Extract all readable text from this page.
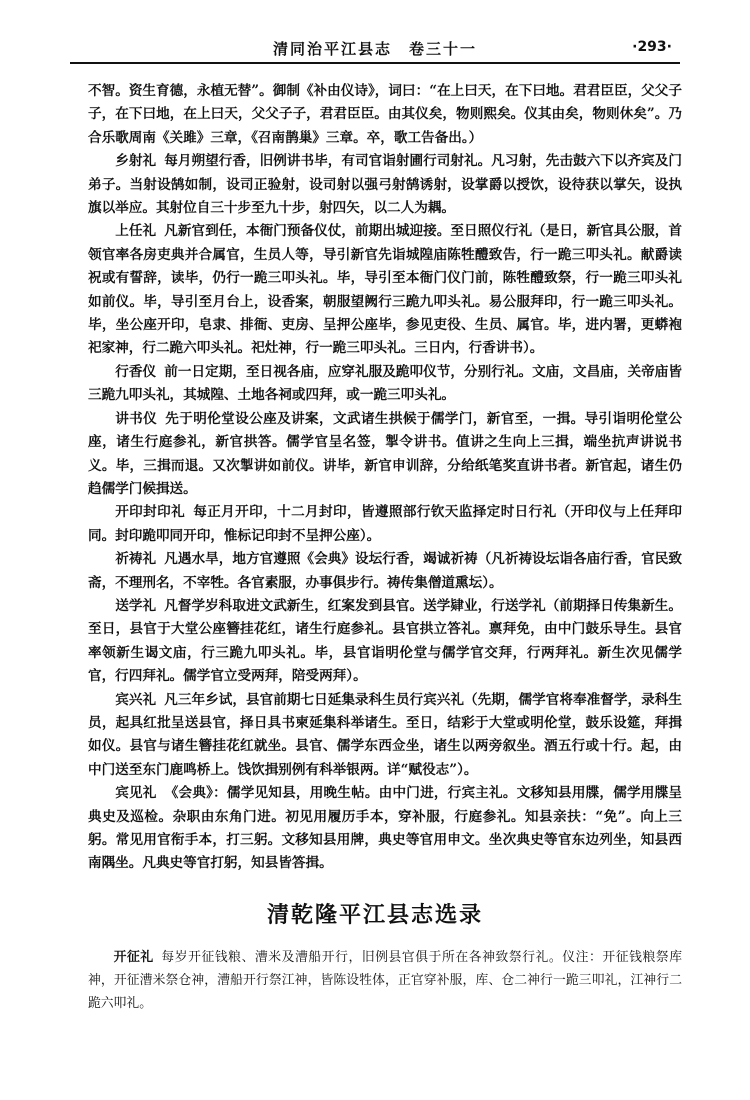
清同治平江县志　卷三十一	·293·

不智。资生育德，永植无替”。御制《补由仪诗》，词曰：“在上曰天，在下曰地。君君臣臣，父父子子，在下曰地，在上曰天，父父子子，君君臣臣。由其仪矣，物则熙矣。仪其由矣，物则休矣”。乃合乐歌周南《关雎》三章，《召南鹊巢》三章。卒，歌工告备出。）

乡射礼 每月朔望行香，旧例讲书毕，有司官诣射圃行司射礼。凡习射，先击鼓六下以齐宾及门弟子。当射设鹄如制，设司正验射，设司射以强弓射鹄诱射，设掌爵以授饮，设待获以掌矢，设执旗以举应。其射位自三十步至九十步，射四矢，以二人为耦。

上任礼 凡新官到任，本衙门预备仪仗，前期出城迎接。至日照仪行礼（是日，新官具公服，首领官率各房吏典并合属官，生员人等，导引新官先诣城隍庙陈牲醴致告，行一跪三叩头礼。献爵读祝或有誓辞，读毕，仍行一跪三叩头礼。毕，导引至本衙门仪门前，陈牲醴致祭，行一跪三叩头礼如前仪。毕，导引至月台上，设香案，朝服望阙行三跪九叩头礼。易公服拜印，行一跪三叩头礼。毕，坐公座开印，皂隶、排衙、吏房、呈押公座毕，参见吏役、生员、属官。毕，进内署，更蟒袍祀家神，行二跪六叩头礼。祀灶神，行一跪三叩头礼。三日内，行香讲书）。

行香仪 前一日定期，至日视各庙，应穿礼服及跪叩仪节，分别行礼。文庙，文昌庙，关帝庙皆三跪九叩头礼，其城隍、土地各祠或四拜，或一跪三叩头礼。

讲书仪 先于明伦堂设公座及讲案，文武诸生拱候于儒学门，新官至，一揖。导引诣明伦堂公座，诸生行庭参礼，新官拱答。儒学官呈名签，掣令讲书。值讲之生向上三揖，端坐抗声讲说书义。毕，三揖而退。又次掣讲如前仪。讲毕，新官申训辞，分给纸笔奖直讲书者。新官起，诸生仍趋儒学门候揖送。

开印封印礼 每正月开印，十二月封印，皆遵照部行钦天监择定时日行礼（开印仪与上任拜印同。封印跪叩同开印，惟标记印封不呈押公座）。

祈祷礼 凡遇水旱，地方官遵照《会典》设坛行香，竭诚祈祷（凡祈祷设坛诣各庙行香，官民致斋，不理刑名，不宰牲。各官素服，办事俱步行。祷传集僧道熏坛）。

送学礼 凡督学岁科取进文武新生，红案发到县官。送学肄业，行送学礼（前期择日传集新生。至日，县官于大堂公座簪挂花红，诸生行庭参礼。县官拱立答礼。禀拜免，由中门鼓乐导生。县官率领新生谒文庙，行三跪九叩头礼。毕，县官诣明伦堂与儒学官交拜，行两拜礼。新生次见儒学官，行四拜礼。儒学官立受两拜，陪受两拜）。

宾兴礼 凡三年乡试，县官前期七日延集录科生员行宾兴礼（先期，儒学官将奉准督学，录科生员，起具红批呈送县官，择日具书柬延集科举诸生。至日，结彩于大堂或明伦堂，鼓乐设筵，拜揖如仪。县官与诸生簪挂花红就坐。县官、儒学东西佥坐，诸生以两旁叙坐。酒五行或十行。起，由中门送至东门鹿鸣桥上。饯饮揖别例有科举银两。详“赋役志”）。

宾见礼 《会典》：儒学见知县，用晚生帖。由中门进，行宾主礼。文移知县用牒，儒学用牒呈典史及巡检。杂职由东角门进。初见用履历手本，穿补服，行庭参礼。知县亲扶：“免”。向上三躬。常见用官衔手本，打三躬。文移知县用牌，典史等官用申文。坐次典史等官东边列坐，知县西南隅坐。凡典史等官打躬，知县皆答揖。

清乾隆平江县志选录

开征礼 每岁开征钱粮、漕米及漕船开行，旧例县官俱于所在各神致祭行礼。仪注：开征钱粮祭库神，开征漕米祭仓神，漕船开行祭江神，皆陈设牲体，正官穿补服，库、仓二神行一跪三叩礼，江神行二跪六叩礼。
